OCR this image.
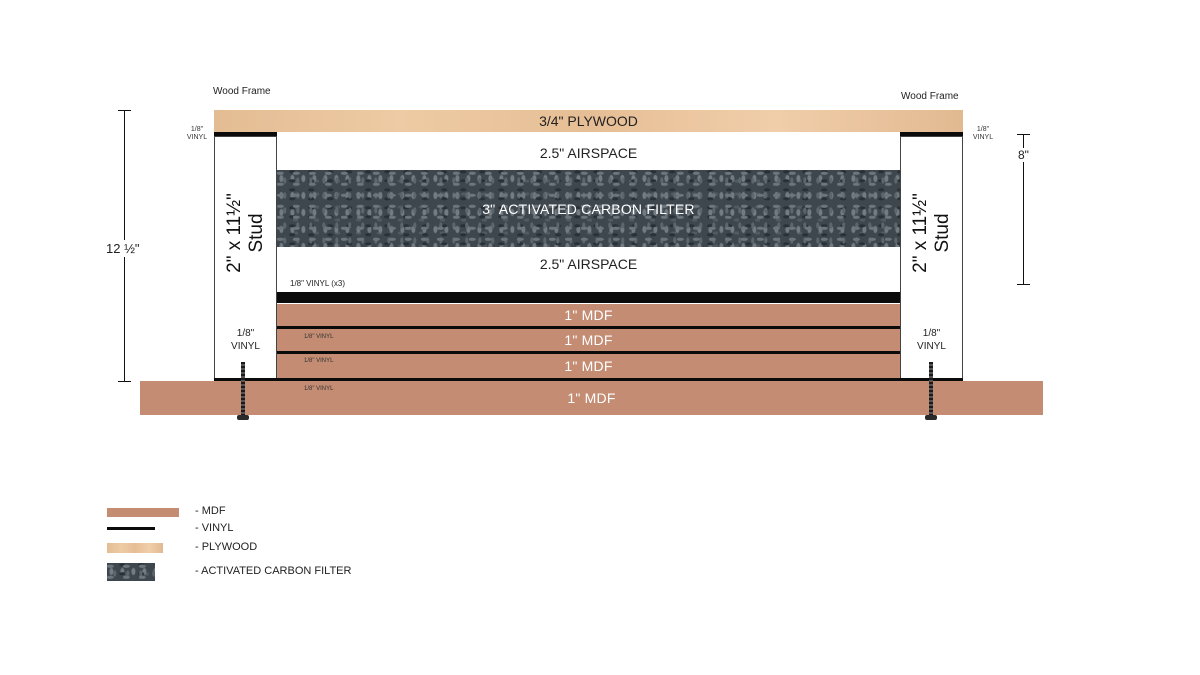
Wood Frame	Wood Frame
3/4" PLYWOOD
1/8"
VINYL
1/8"
VINYL
2" x 11½"
Stud
1/8"
VINYL
2" x 11½"
Stud
1/8"
VINYL
2.5" AIRSPACE
3" ACTIVATED CARBON FILTER
2.5" AIRSPACE
1/8" VINYL (x3)
1" MDF
1" MDF
1/8" VINYL
1" MDF
1/8" VINYL
1" MDF
1/8" VINYL
12 ½"
8"
- MDF
- VINYL
- PLYWOOD
- ACTIVATED CARBON FILTER
